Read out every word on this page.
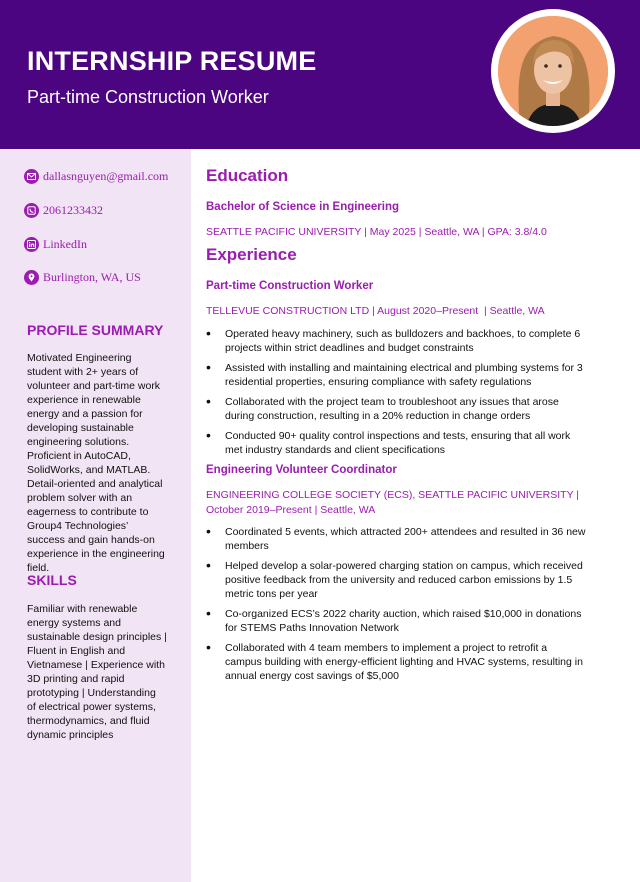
INTERNSHIP RESUME

Part-time Construction Worker

dallasnguyen@gmail.com
2061233432
LinkedIn
Burlington, WA, US
PROFILE SUMMARY

Motivated Engineering student with 2+ years of volunteer and part-time work experience in renewable energy and a passion for developing sustainable engineering solutions. Proficient in AutoCAD, SolidWorks, and MATLAB. Detail-oriented and analytical problem solver with an eagerness to contribute to Group4 Technologies’ success and gain hands-on experience in the engineering field.

SKILLS

Familiar with renewable energy systems and sustainable design principles | Fluent in English and Vietnamese | Experience with 3D printing and rapid prototyping | Understanding of electrical power systems, thermodynamics, and fluid dynamic principles

Education

Bachelor of Science in Engineering

SEATTLE PACIFIC UNIVERSITY | May 2025 | Seattle, WA | GPA: 3.8/4.0

Experience

Part-time Construction Worker

TELLEVUE CONSTRUCTION LTD | August 2020–Present  | Seattle, WA

• Operated heavy machinery, such as bulldozers and backhoes, to complete 6 projects within strict deadlines and budget constraints
• Assisted with installing and maintaining electrical and plumbing systems for 3 residential properties, ensuring compliance with safety regulations
• Collaborated with the project team to troubleshoot any issues that arose during construction, resulting in a 20% reduction in change orders
• Conducted 90+ quality control inspections and tests, ensuring that all work met industry standards and client specifications

Engineering Volunteer Coordinator

ENGINEERING COLLEGE SOCIETY (ECS), SEATTLE PACIFIC UNIVERSITY | October 2019–Present | Seattle, WA

• Coordinated 5 events, which attracted 200+ attendees and resulted in 36 new members
• Helped develop a solar-powered charging station on campus, which received positive feedback from the university and reduced carbon emissions by 1.5 metric tons per year
• Co-organized ECS’s 2022 charity auction, which raised $10,000 in donations for STEMS Paths Innovation Network
• Collaborated with 4 team members to implement a project to retrofit a campus building with energy-efficient lighting and HVAC systems, resulting in annual energy cost savings of $5,000
